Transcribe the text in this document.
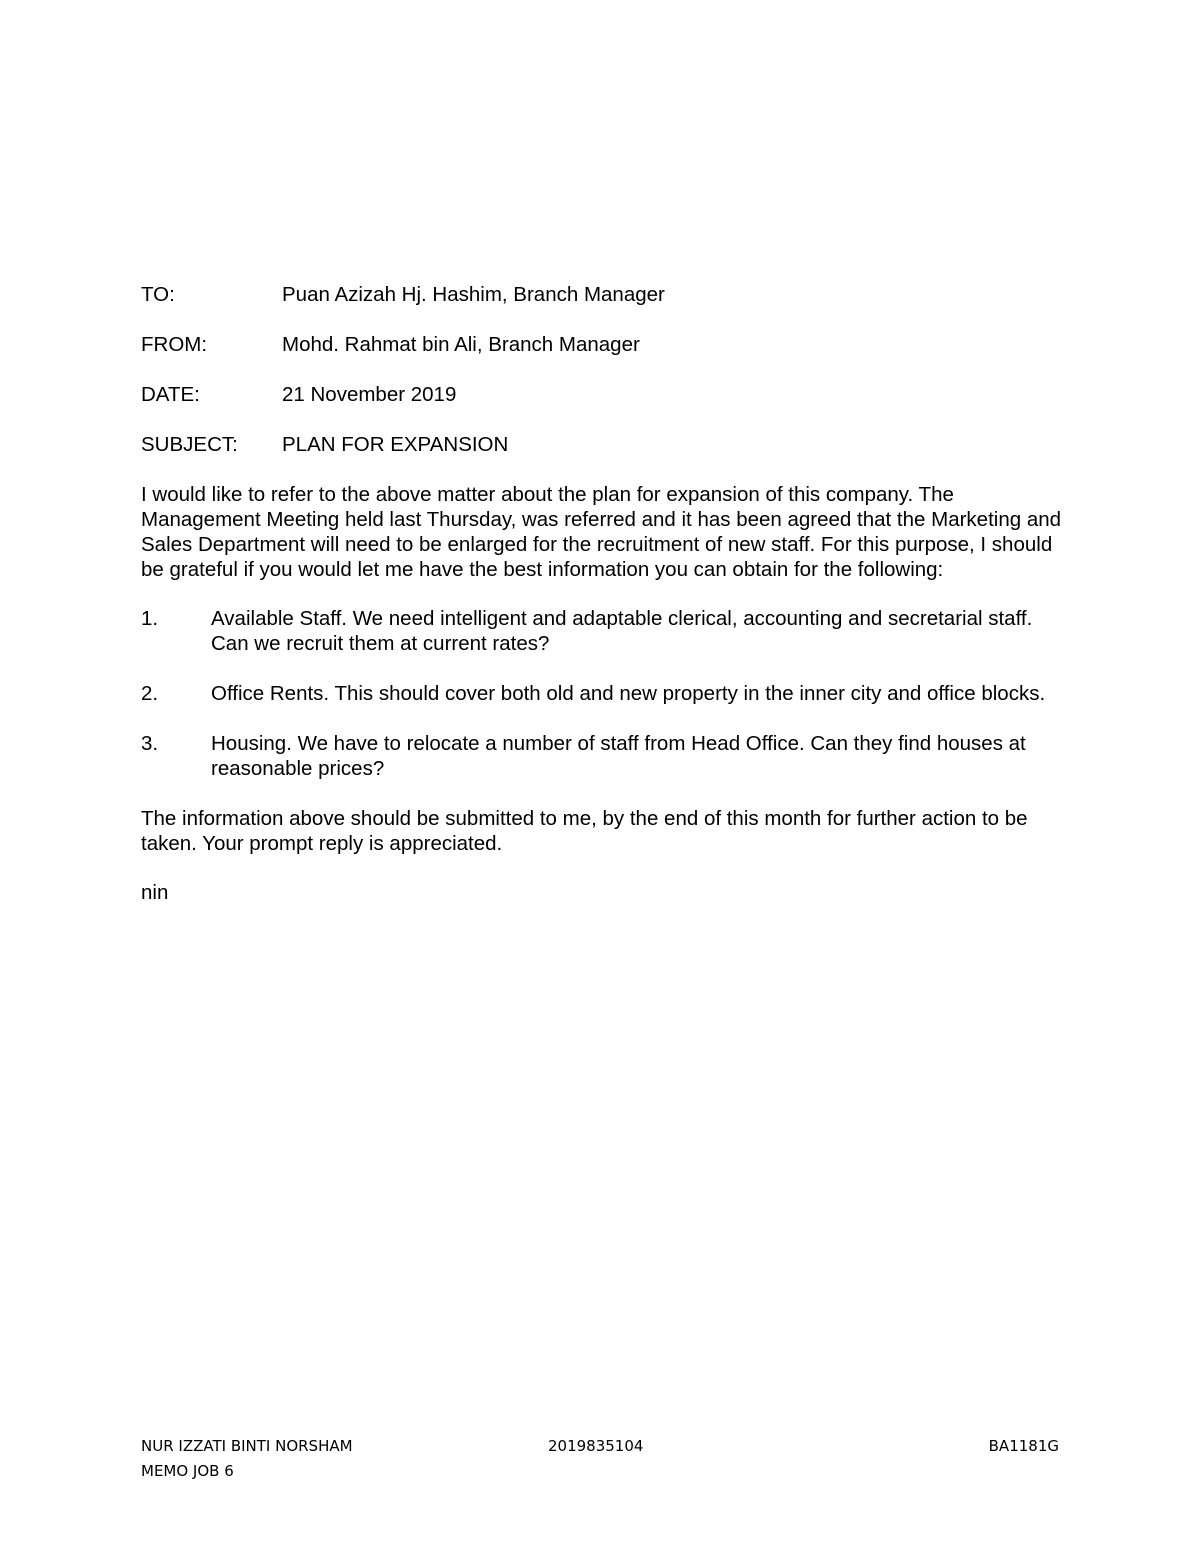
TO:	Puan Azizah Hj. Hashim, Branch Manager
FROM:	Mohd. Rahmat bin Ali, Branch Manager
DATE:	21 November 2019
SUBJECT:	PLAN FOR EXPANSION

I would like to refer to the above matter about the plan for expansion of this company. The Management Meeting held last Thursday, was referred and it has been agreed that the Marketing and Sales Department will need to be enlarged for the recruitment of new staff. For this purpose, I should be grateful if you would let me have the best information you can obtain for the following:

1.	Available Staff. We need intelligent and adaptable clerical, accounting and secretarial staff. Can we recruit them at current rates?
2.	Office Rents. This should cover both old and new property in the inner city and office blocks.
3.	Housing. We have to relocate a number of staff from Head Office. Can they find houses at reasonable prices?

The information above should be submitted to me, by the end of this month for further action to be taken. Your prompt reply is appreciated.

nin

NUR IZZATI BINTI NORSHAM	2019835104	BA1181G
MEMO JOB 6
